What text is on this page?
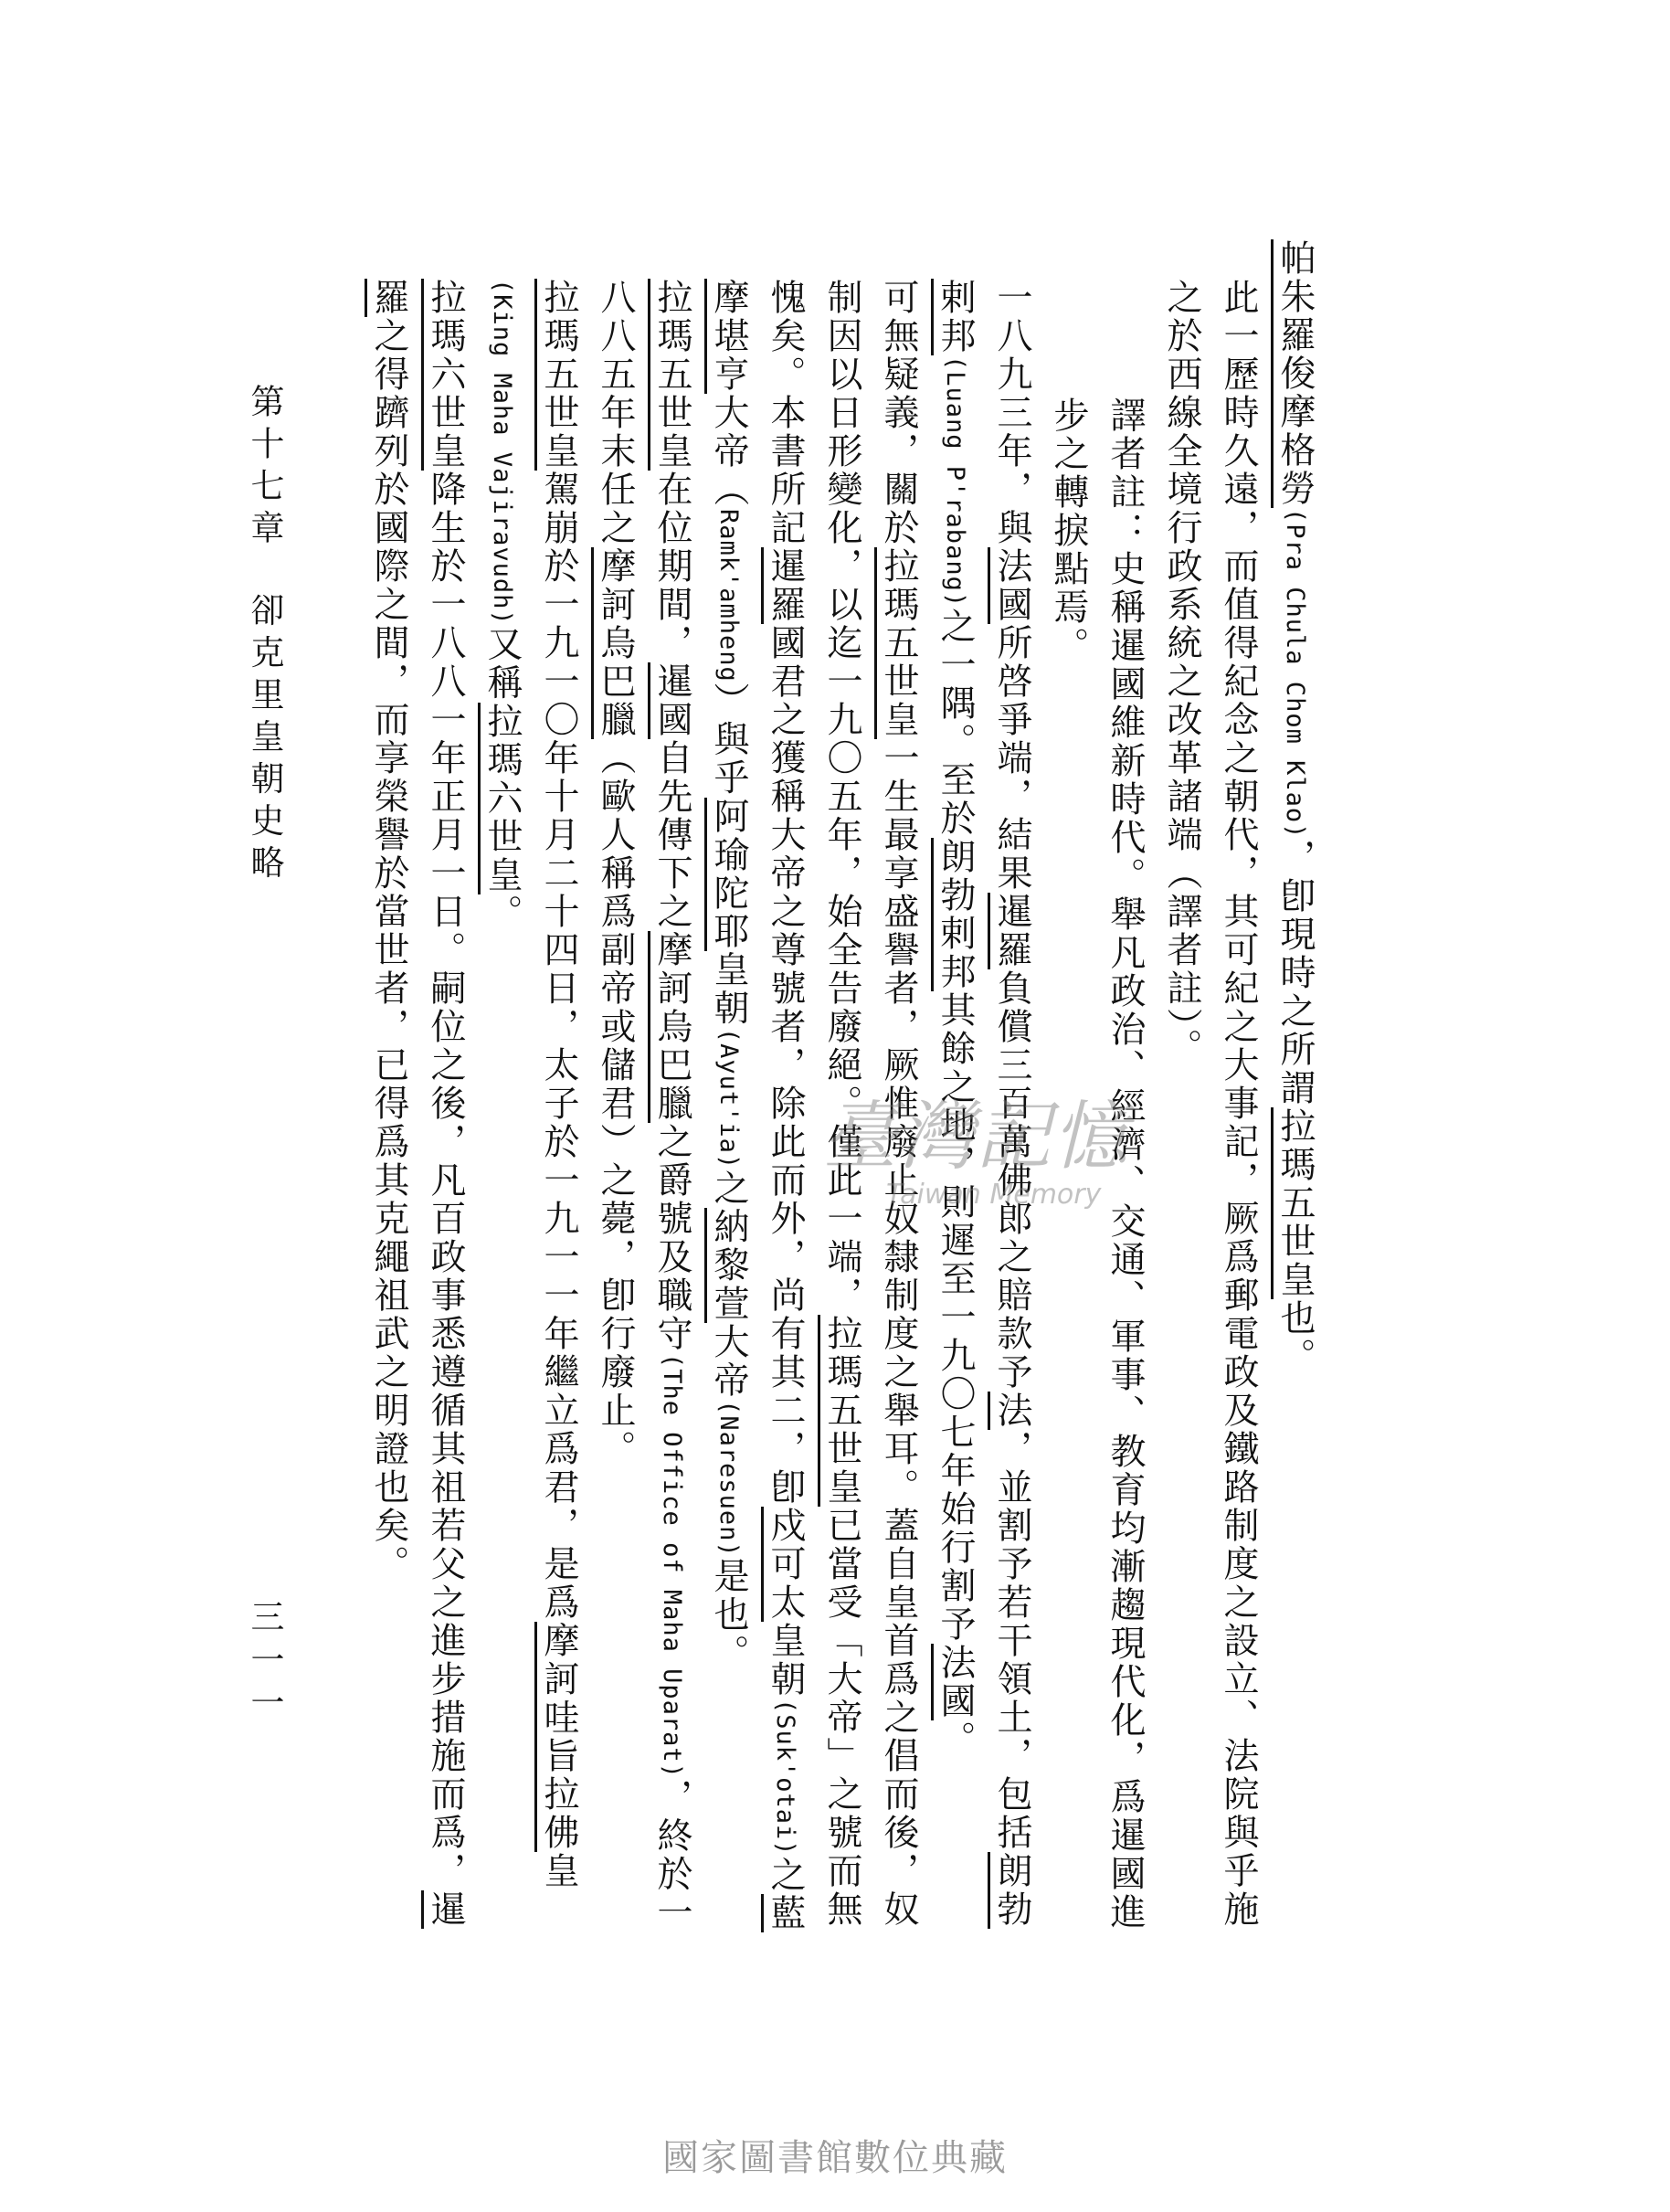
帕朱羅俊摩格勞(Pra Chula Chom Klao)，卽現時之所謂拉瑪五世皇也。

此一歷時久遠，而值得紀念之朝代，其可紀之大事記，厥爲郵電政及鐵路制度之設立、法院與乎施之於西線全境行政系統之改革諸端（譯者註）。

譯者註：史稱暹國維新時代。舉凡政治、經濟、交通、軍事、教育均漸趨現代化，爲暹國進步之轉捩點焉。

一八九三年，與法國所啓爭端，結果暹羅負償三百萬佛郎之賠款予法，並割予若干領土，包括朗勃剌邦(Luang P'rabang)之一隅。至於朗勃剌邦其餘之地，則遲至一九〇七年始行割予法國。

可無疑義，關於拉瑪五世皇一生最享盛譽者，厥惟廢止奴隸制度之舉耳。蓋自皇首爲之倡而後，奴制因以日形變化，以迄一九〇五年，始全告廢絕。僅此一端，拉瑪五世皇已當受「大帝」之號而無愧矣。本書所記暹羅國君之獲稱大帝之尊號者，除此而外，尚有其二，卽戍可太皇朝(Suk'otai)之藍摩堪亨大帝（Ramk'amheng）與乎阿瑜陀耶皇朝(Ayut'ia)之納黎萱大帝(Naresuen)是也。

拉瑪五世皇在位期間，暹國自先傳下之摩訶烏巴臘之爵號及職守(The Office of Maha Uparat)，終於一八八五年末任之摩訶烏巴臘（歐人稱爲副帝或儲君）之薨，卽行廢止。

拉瑪五世皇駕崩於一九一〇年十月二十四日，太子於一九一一年繼立爲君，是爲摩訶哇旨拉佛皇(King Maha Vajiravudh)又稱拉瑪六世皇。

拉瑪六世皇降生於一八八一年正月一日。嗣位之後，凡百政事悉遵循其祖若父之進步措施而爲，暹羅之得躋列於國際之間，而享榮譽於當世者，已得爲其克繩祖武之明證也矣。

第十七章卻克里皇朝史略
三一一
臺灣記憶
Taiwan Memory
國家圖書館數位典藏
